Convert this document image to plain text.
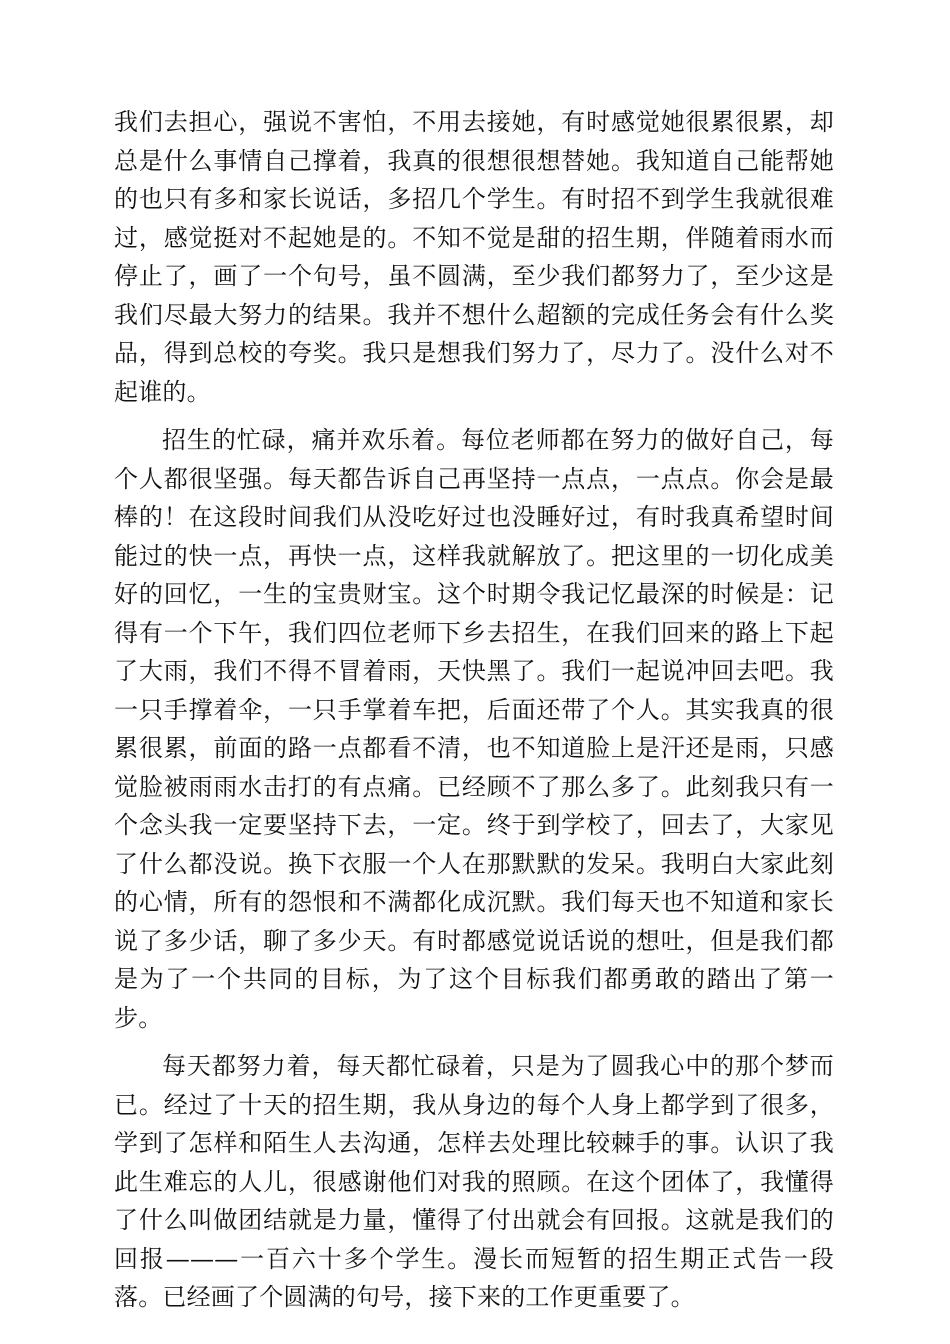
我们去担心，强说不害怕，不用去接她，有时感觉她很累很累，却总是什么事情自己撑着，我真的很想很想替她。我知道自己能帮她的也只有多和家长说话，多招几个学生。有时招不到学生我就很难过，感觉挺对不起她是的。不知不觉是甜的招生期，伴随着雨水而停止了，画了一个句号，虽不圆满，至少我们都努力了，至少这是我们尽最大努力的结果。我并不想什么超额的完成任务会有什么奖品，得到总校的夸奖。我只是想我们努力了，尽力了。没什么对不起谁的。

招生的忙碌，痛并欢乐着。每位老师都在努力的做好自己，每个人都很坚强。每天都告诉自己再坚持一点点，一点点。你会是最棒的！在这段时间我们从没吃好过也没睡好过，有时我真希望时间能过的快一点，再快一点，这样我就解放了。把这里的一切化成美好的回忆，一生的宝贵财宝。这个时期令我记忆最深的时候是：记得有一个下午，我们四位老师下乡去招生，在我们回来的路上下起了大雨，我们不得不冒着雨，天快黑了。我们一起说冲回去吧。我一只手撑着伞，一只手掌着车把，后面还带了个人。其实我真的很累很累，前面的路一点都看不清，也不知道脸上是汗还是雨，只感觉脸被雨雨水击打的有点痛。已经顾不了那么多了。此刻我只有一个念头我一定要坚持下去，一定。终于到学校了，回去了，大家见了什么都没说。换下衣服一个人在那默默的发呆。我明白大家此刻的心情，所有的怨恨和不满都化成沉默。我们每天也不知道和家长说了多少话，聊了多少天。有时都感觉说话说的想吐，但是我们都是为了一个共同的目标，为了这个目标我们都勇敢的踏出了第一步。

每天都努力着，每天都忙碌着，只是为了圆我心中的那个梦而已。经过了十天的招生期，我从身边的每个人身上都学到了很多，学到了怎样和陌生人去沟通，怎样去处理比较棘手的事。认识了我此生难忘的人儿，很感谢他们对我的照顾。在这个团体了，我懂得了什么叫做团结就是力量，懂得了付出就会有回报。这就是我们的回报———一百六十多个学生。漫长而短暂的招生期正式告一段落。已经画了个圆满的句号，接下来的工作更重要了。
